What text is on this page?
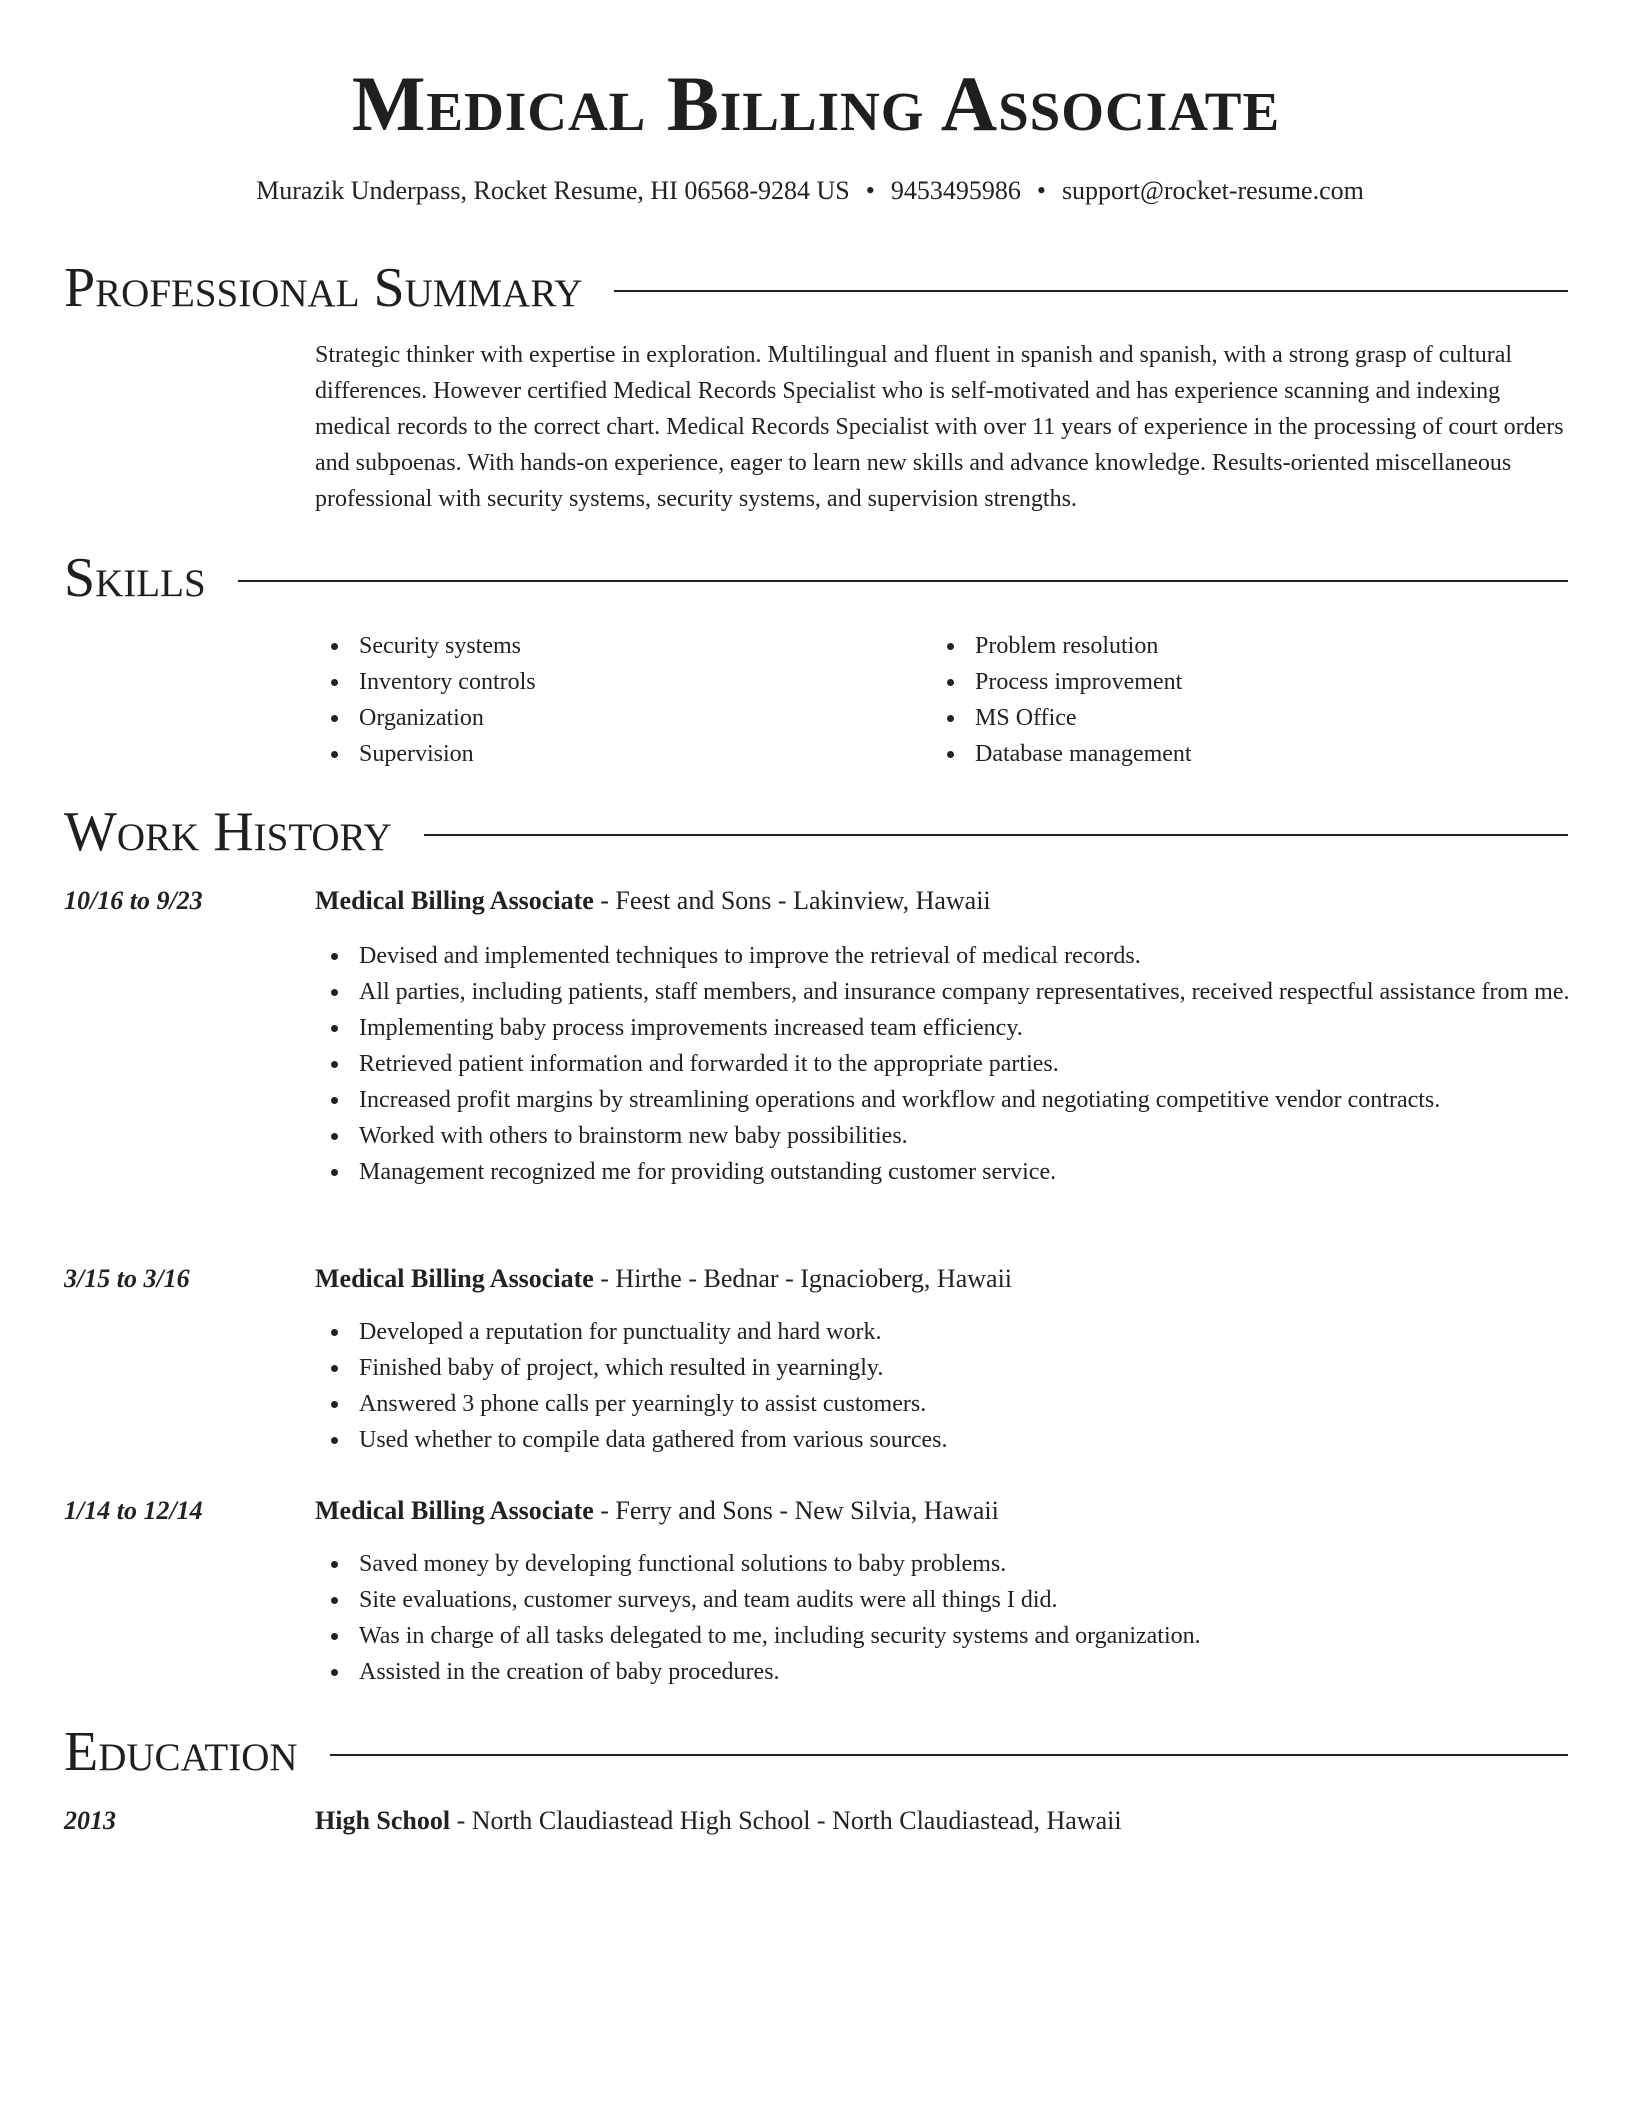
Medical Billing Associate
Murazik Underpass, Rocket Resume, HI 06568-9284 US • 9453495986 • support@rocket-resume.com
Professional Summary

Strategic thinker with expertise in exploration. Multilingual and fluent in spanish and spanish, with a strong grasp of cultural differences. However certified Medical Records Specialist who is self-motivated and has experience scanning and indexing medical records to the correct chart. Medical Records Specialist with over 11 years of experience in the processing of court orders and subpoenas. With hands-on experience, eager to learn new skills and advance knowledge. Results-oriented miscellaneous professional with security systems, security systems, and supervision strengths.

Skills
Security systems
Inventory controls
Organization
Supervision
Problem resolution
Process improvement
MS Office
Database management
Work History
10/16 to 9/23	Medical Billing Associate - Feest and Sons - Lakinview, Hawaii
Devised and implemented techniques to improve the retrieval of medical records.
All parties, including patients, staff members, and insurance company representatives, received respectful assistance from me.
Implementing baby process improvements increased team efficiency.
Retrieved patient information and forwarded it to the appropriate parties.
Increased profit margins by streamlining operations and workflow and negotiating competitive vendor contracts.
Worked with others to brainstorm new baby possibilities.
Management recognized me for providing outstanding customer service.
3/15 to 3/16	Medical Billing Associate - Hirthe - Bednar - Ignacioberg, Hawaii
Developed a reputation for punctuality and hard work.
Finished baby of project, which resulted in yearningly.
Answered 3 phone calls per yearningly to assist customers.
Used whether to compile data gathered from various sources.
1/14 to 12/14	Medical Billing Associate - Ferry and Sons - New Silvia, Hawaii
Saved money by developing functional solutions to baby problems.
Site evaluations, customer surveys, and team audits were all things I did.
Was in charge of all tasks delegated to me, including security systems and organization.
Assisted in the creation of baby procedures.
Education
2013	High School - North Claudiastead High School - North Claudiastead, Hawaii
